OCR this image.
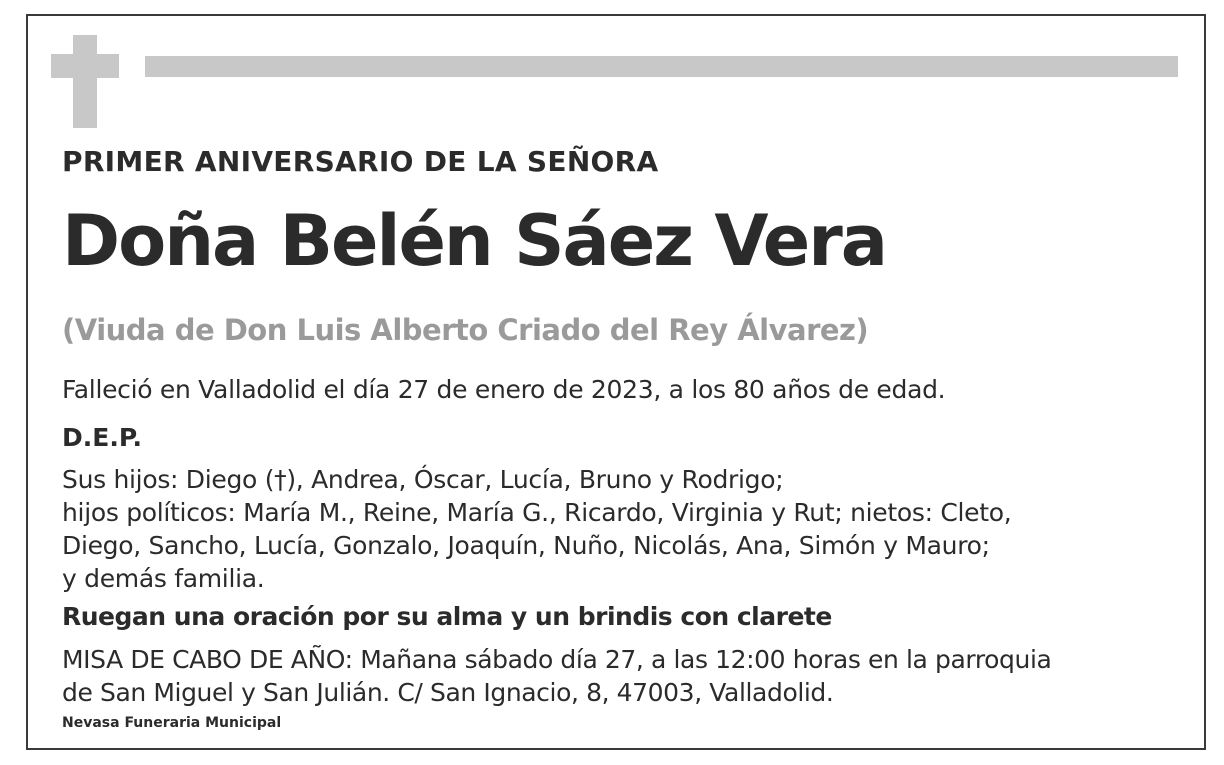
PRIMER ANIVERSARIO DE LA SEÑORA
Doña Belén Sáez Vera
(Viuda de Don Luis Alberto Criado del Rey Álvarez)
Falleció en Valladolid el día 27 de enero de 2023, a los 80 años de edad.
D.E.P.
Sus hijos: Diego (†), Andrea, Óscar, Lucía, Bruno y Rodrigo;
hijos políticos: María M., Reine, María G., Ricardo, Virginia y Rut; nietos: Cleto,
Diego, Sancho, Lucía, Gonzalo, Joaquín, Nuño, Nicolás, Ana, Simón y Mauro;
y demás familia.
Ruegan una oración por su alma y un brindis con clarete
MISA DE CABO DE AÑO: Mañana sábado día 27, a las 12:00 horas en la parroquia
de San Miguel y San Julián. C/ San Ignacio, 8, 47003, Valladolid.
Nevasa Funeraria Municipal
